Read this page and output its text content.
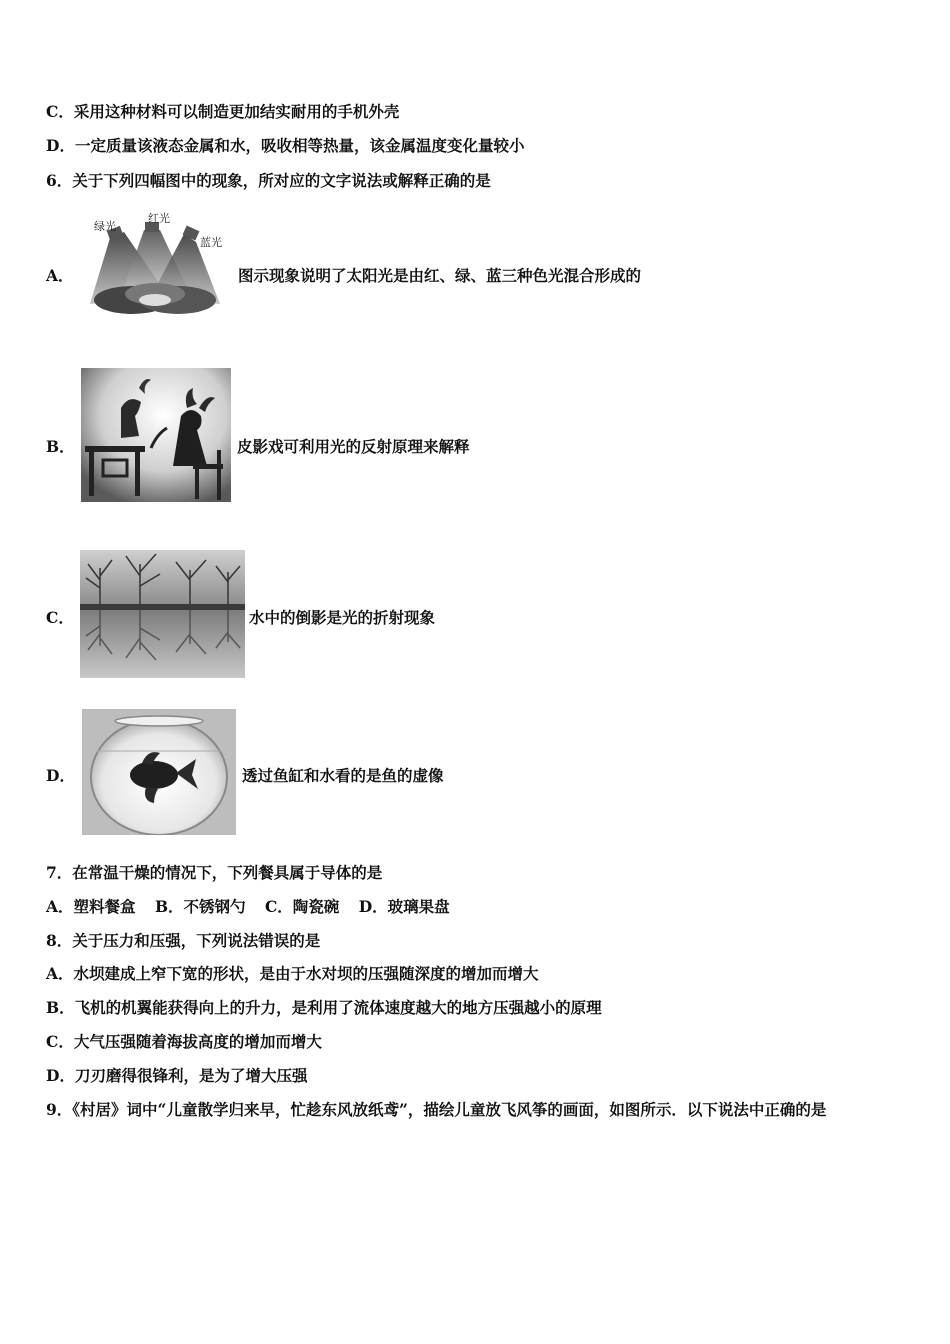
C．采用这种材料可以制造更加结实耐用的手机外壳
D．一定质量该液态金属和水，吸收相等热量，该金属温度变化量较小
6．关于下列四幅图中的现象，所对应的文字说法或解释正确的是
A．
绿光
红光
蓝光
图示现象说明了太阳光是由红、绿、蓝三种色光混合形成的
B．	皮影戏可利用光的反射原理来解释
C．	水中的倒影是光的折射现象
D．	透过鱼缸和水看的是鱼的虚像
7．在常温干燥的情况下，下列餐具属于导体的是
A．塑料餐盒 B．不锈钢勺 C．陶瓷碗 D．玻璃果盘
8．关于压力和压强，下列说法错误的是
A．水坝建成上窄下宽的形状，是由于水对坝的压强随深度的增加而增大
B．飞机的机翼能获得向上的升力，是利用了流体速度越大的地方压强越小的原理
C．大气压强随着海拔高度的增加而增大
D．刀刃磨得很锋利，是为了增大压强
9．《村居》词中“儿童散学归来早，忙趁东风放纸鸢”，描绘儿童放飞风筝的画面，如图所示．以下说法中正确的是
